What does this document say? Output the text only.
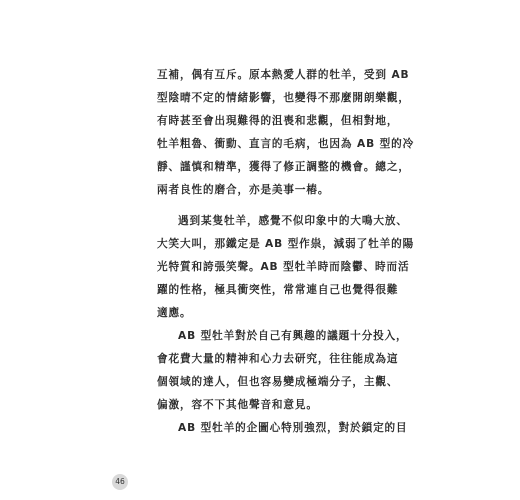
互補，偶有互斥。原本熱愛人群的牡羊，受到 AB
型陰晴不定的情緒影響，也變得不那麼開朗樂觀，
有時甚至會出現難得的沮喪和悲觀，但相對地，
牡羊粗魯、衝動、直言的毛病，也因為 AB 型的冷
靜、謹慎和精準，獲得了修正調整的機會。總之，
兩者良性的磨合，亦是美事一樁。
遇到某隻牡羊，感覺不似印象中的大鳴大放、
大笑大叫，那鐵定是 AB 型作祟，減弱了牡羊的陽
光特質和誇張笑聲。AB 型牡羊時而陰鬱、時而活
躍的性格，極具衝突性，常常連自己也覺得很難
適應。
AB 型牡羊對於自己有興趣的議題十分投入，
會花費大量的精神和心力去研究，往往能成為這
個領域的達人，但也容易變成極端分子，主觀、
偏激，容不下其他聲音和意見。
AB 型牡羊的企圖心特別強烈，對於鎖定的目
46
